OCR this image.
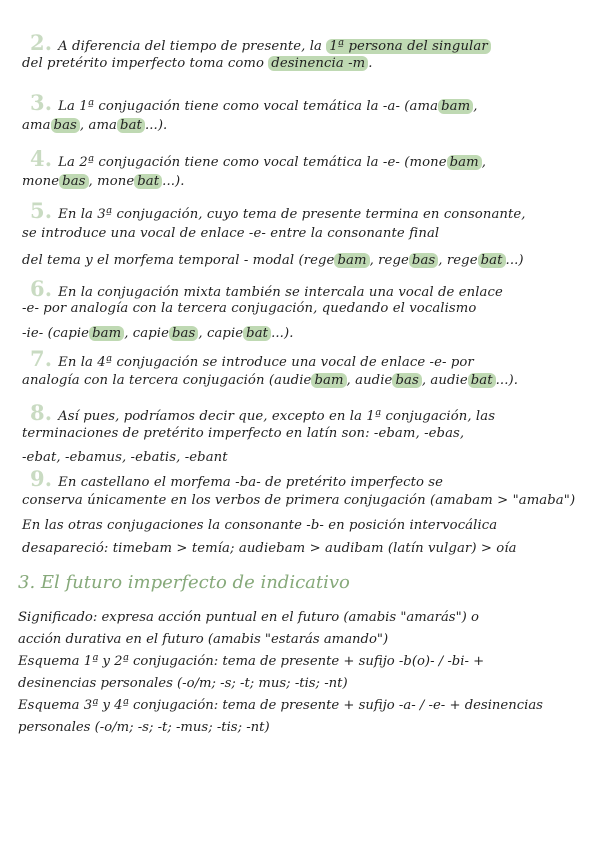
2. A diferencia del tiempo de presente, la 1ª persona del singular
del pretérito imperfecto toma como desinencia -m .
3. La 1ª conjugación tiene como vocal temática la -a- (ama bam ,
ama bas , ama bat ...).
4. La 2ª conjugación tiene como vocal temática la -e- (mone bam ,
mone bas , mone bat ...).
5. En la 3ª conjugación, cuyo tema de presente termina en consonante,
se introduce una vocal de enlace -e- entre la consonante final
del tema y el morfema temporal - modal (rege bam , rege bas , rege bat ...)
6. En la conjugación mixta también se intercala una vocal de enlace
-e- por analogía con la tercera conjugación, quedando el vocalismo
-ie- (capie bam , capie bas , capie bat ...).
7. En la 4ª conjugación se introduce una vocal de enlace -e- por
analogía con la tercera conjugación (audie bam , audie bas , audie bat ...).
8. Así pues, podríamos decir que, excepto en la 1ª conjugación, las
terminaciones de pretérito imperfecto en latín son: -ebam, -ebas,
-ebat, -ebamus, -ebatis, -ebant
9. En castellano el morfema -ba- de pretérito imperfecto se
conserva únicamente en los verbos de primera conjugación (amabam > "amaba")
En las otras conjugaciones la consonante -b- en posición intervocálica
desapareció: timebam > temía; audiebam > audibam (latín vulgar) > oía
3. El futuro imperfecto de indicativo
Significado: expresa acción puntual en el futuro (amabis "amarás") o
acción durativa en el futuro (amabis "estarás amando")
Esquema 1ª y 2ª conjugación: tema de presente + sufijo -b(o)- / -bi- +
desinencias personales (-o/m; -s; -t; mus; -tis; -nt)
Esquema 3ª y 4ª conjugación: tema de presente + sufijo -a- / -e- + desinencias
personales (-o/m; -s; -t; -mus; -tis; -nt)
